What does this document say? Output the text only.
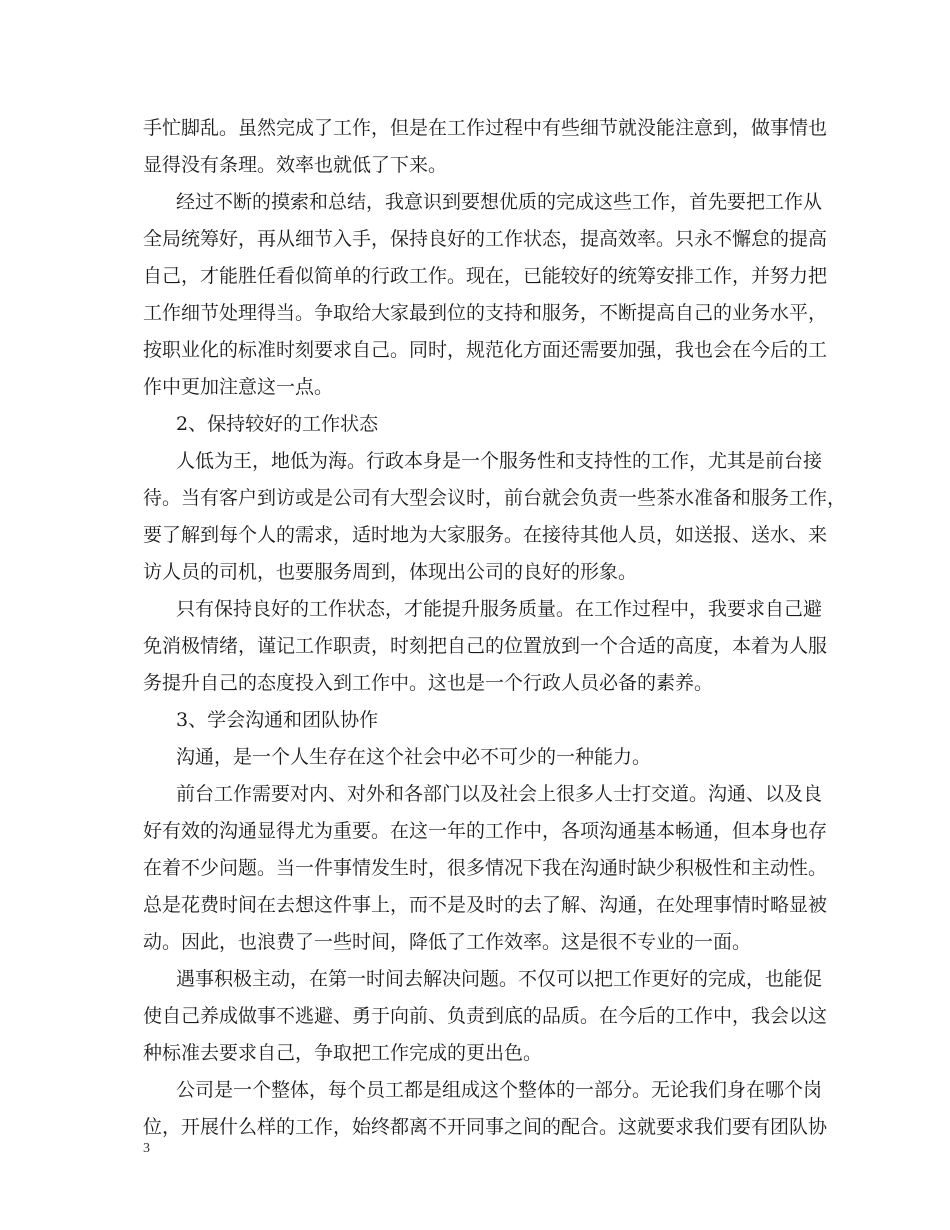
手忙脚乱。虽然完成了工作，但是在工作过程中有些细节就没能注意到，做事情也

显得没有条理。效率也就低了下来。

经过不断的摸索和总结，我意识到要想优质的完成这些工作，首先要把工作从

全局统筹好，再从细节入手，保持良好的工作状态，提高效率。只永不懈怠的提高

自己，才能胜任看似简单的行政工作。现在，已能较好的统筹安排工作，并努力把

工作细节处理得当。争取给大家最到位的支持和服务，不断提高自己的业务水平，

按职业化的标准时刻要求自己。同时，规范化方面还需要加强，我也会在今后的工

作中更加注意这一点。

2、保持较好的工作状态

人低为王，地低为海。行政本身是一个服务性和支持性的工作，尤其是前台接

待。当有客户到访或是公司有大型会议时，前台就会负责一些茶水准备和服务工作，

要了解到每个人的需求，适时地为大家服务。在接待其他人员，如送报、送水、来

访人员的司机，也要服务周到，体现出公司的良好的形象。

只有保持良好的工作状态，才能提升服务质量。在工作过程中，我要求自己避

免消极情绪，谨记工作职责，时刻把自己的位置放到一个合适的高度，本着为人服

务提升自己的态度投入到工作中。这也是一个行政人员必备的素养。

3、学会沟通和团队协作

沟通，是一个人生存在这个社会中必不可少的一种能力。

前台工作需要对内、对外和各部门以及社会上很多人士打交道。沟通、以及良

好有效的沟通显得尤为重要。在这一年的工作中，各项沟通基本畅通，但本身也存

在着不少问题。当一件事情发生时，很多情况下我在沟通时缺少积极性和主动性。

总是花费时间在去想这件事上，而不是及时的去了解、沟通，在处理事情时略显被

动。因此，也浪费了一些时间，降低了工作效率。这是很不专业的一面。

遇事积极主动，在第一时间去解决问题。不仅可以把工作更好的完成，也能促

使自己养成做事不逃避、勇于向前、负责到底的品质。在今后的工作中，我会以这

种标准去要求自己，争取把工作完成的更出色。

公司是一个整体，每个员工都是组成这个整体的一部分。无论我们身在哪个岗

位，开展什么样的工作，始终都离不开同事之间的配合。这就要求我们要有团队协

3
